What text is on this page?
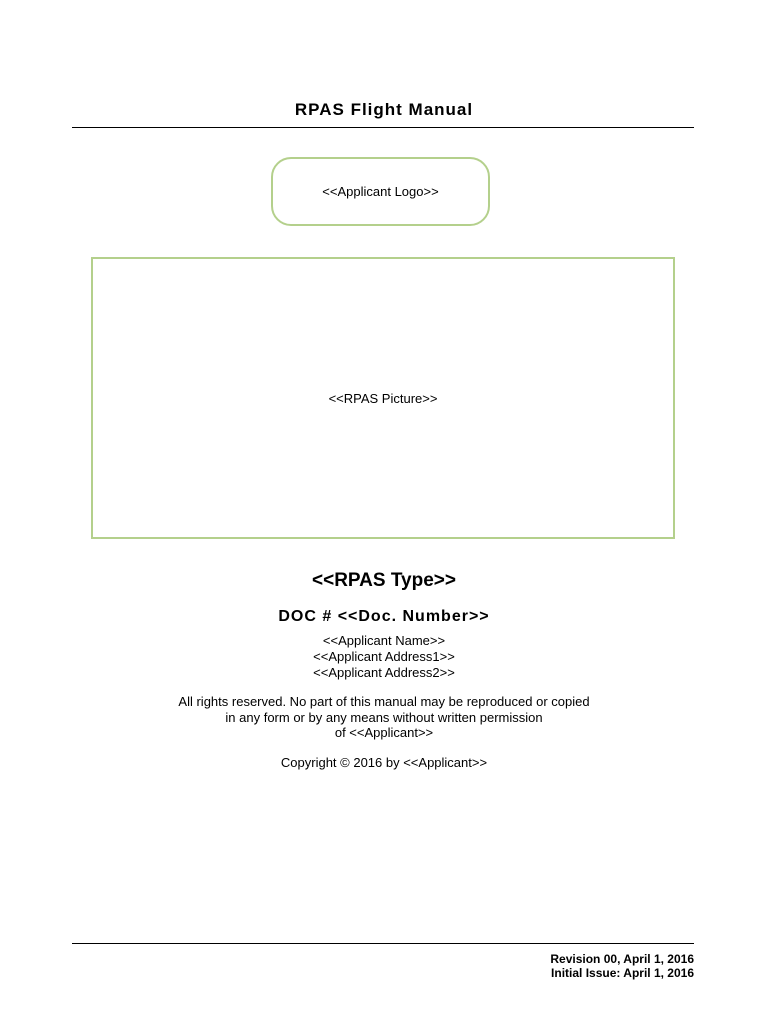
RPAS Flight Manual
<<Applicant Logo>>
<<RPAS Picture>>
<<RPAS Type>>
DOC # <<Doc. Number>>
<<Applicant Name>>
<<Applicant Address1>>
<<Applicant Address2>>
All rights reserved. No part of this manual may be reproduced or copied
in any form or by any means without written permission
of <<Applicant>>
Copyright © 2016 by <<Applicant>>
Revision 00, April 1, 2016
Initial Issue: April 1, 2016
